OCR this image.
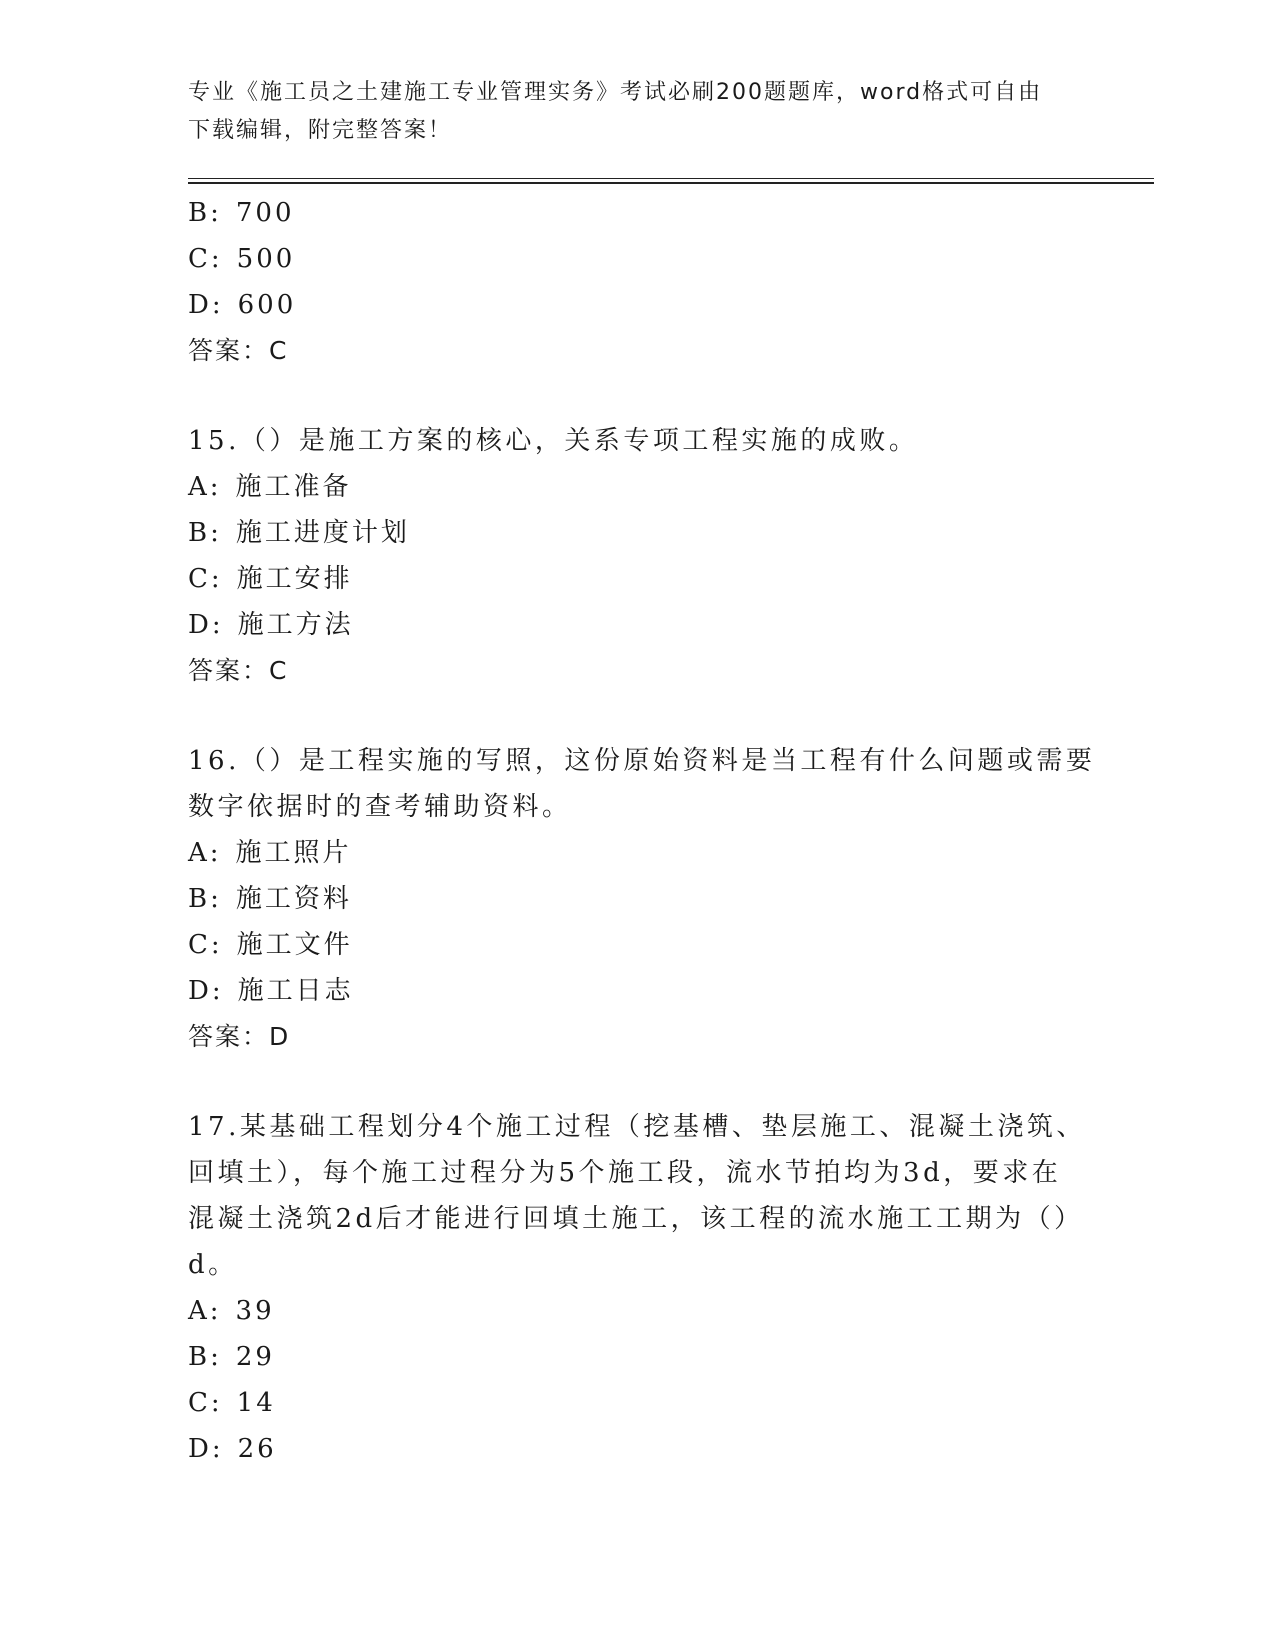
专业《施工员之土建施工专业管理实务》考试必刷200题题库，word格式可自由
下载编辑，附完整答案！
B: 700
C: 500
D: 600
答案：C
15.（）是施工方案的核心，关系专项工程实施的成败。
A: 施工准备
B: 施工进度计划
C: 施工安排
D: 施工方法
答案：C
16.（）是工程实施的写照，这份原始资料是当工程有什么问题或需要
数字依据时的查考辅助资料。
A: 施工照片
B: 施工资料
C: 施工文件
D: 施工日志
答案：D
17.某基础工程划分4个施工过程（挖基槽、垫层施工、混凝土浇筑、
回填土），每个施工过程分为5个施工段，流水节拍均为3d，要求在
混凝土浇筑2d后才能进行回填土施工，该工程的流水施工工期为（）
d。
A: 39
B: 29
C: 14
D: 26
